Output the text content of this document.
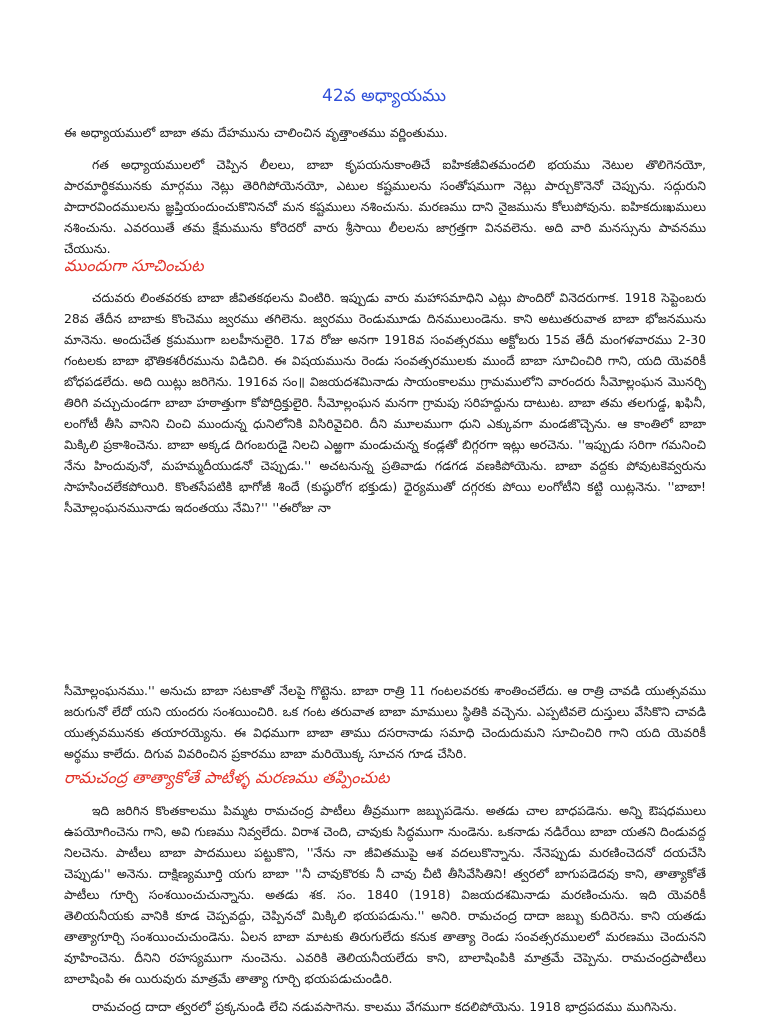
42వ అధ్యాయము

ఈ అధ్యాయములో బాబా తమ దేహమును చాలించిన వృత్తాంతము వర్ణింతుము.

గత అధ్యాయములలో చెప్పిన లీలలు, బాబా కృపయనుకాంతిచే ఐహికజీవితమందలి భయము నెటుల తొలిగెనయో, పారమార్థికమునకు మార్గము నెట్లు తెరిగిపోయెనయో, ఎటుల కష్టములను సంతోషముగా నెట్లు పార్చుకొనెనో చెప్పును. సద్గురుని పాదారవిందములను జ్ఞప్తియందుంచుకొనినచో మన కష్టములు నశించును. మరణము దాని నైజమును కోలుపోవును. ఐహికదుఃఖములు నశించును. ఎవరయితే తమ క్షేమమును కోరెదరో వారు శ్రీసాయి లీలలను జాగ్రత్తగా వినవలెను. అది వారి మనస్సును పావనము చేయును.

ముందుగా సూచించుట

చదువరు లింతవరకు బాబా జీవితకథలను వింటిరి. ఇప్పుడు వారు మహాసమాధిని ఎట్లు పొందిరో వినెదరుగాక. 1918 సెప్టెంబరు 28వ తేదీన బాబాకు కొంచెము జ్వరము తగిలెను. జ్వరము రెండుమూడు దినములుండెను. కాని అటుతరువాత బాబా భోజనమును మానెను. అందుచేత క్రమముగా బలహీనులైరి. 17వ రోజు అనగా 1918వ సంవత్సరము అక్టోబరు 15వ తేదీ మంగళవారము 2-30 గంటలకు బాబా భౌతికశరీరమును విడిచిరి. ఈ విషయమును రెండు సంవత్సరములకు ముందే బాబా సూచించిరి గాని, యది యెవరికీ బోధపడలేదు. అది యిట్లు జరిగెను. 1916వ సం॥ విజయదశమినాడు సాయంకాలము గ్రామములోని వారందరు సీమోల్లంఘన మొనర్చి తిరిగి వచ్చుచుండగా బాబా హఠాత్తుగా కోపోద్రిక్తులైరి. సీమోల్లంఘన మనగా గ్రామపు సరిహద్దును దాటుట. బాబా తమ తలగుడ్డ, ఖఫినీ, లంగోటీ తీసి వానిని చించి ముందున్న ధునిలోనికి విసిరివైచిరి. దీని మూలముగా ధుని ఎక్కువగా మండజొచ్చెను. ఆ కాంతిలో బాబా మిక్కిలి ప్రకాశించెను. బాబా అక్కడ దిగంబరుడై నిలచి ఎఱ్ఱగా మండుచున్న కండ్లతో బిగ్గరగా ఇట్లు అరచెను. ''ఇప్పుడు సరిగా గమనించి నేను హిందువునో, మహమ్మదీయుడనో చెప్పుడు.'' అచటనున్న ప్రతివాడు గడగడ వణకిపోయెను. బాబా వద్దకు పోవుటకెవ్వరును సాహసించలేకపోయిరి. కొంతసేపటికి భాగోజీ శిందే (కుష్ఠురోగ భక్తుడు) ధైర్యముతో దగ్గరకు పోయి లంగోటీని కట్టి యిట్లనెను. ''బాబా! సీమోల్లంఘనమునాడు ఇదంతయు నేమి?'' ''ఈరోజు నా

సీమోల్లంఘనము.'' అనుచు బాబా సటకాతో నేలపై గొట్టెను. బాబా రాత్రి 11 గంటలవరకు శాంతించలేదు. ఆ రాత్రి చావడి యుత్సవము జరుగునో లేదో యని యందరు సంశయించిరి. ఒక గంట తరువాత బాబా మాములు స్థితికి వచ్చెను. ఎప్పటివలె దుస్తులు వేసికొని చావడి యుత్సవమునకు తయారయ్యెను. ఈ విధముగా బాబా తాము దసరానాడు సమాధి చెందుదుమని సూచించిరి గాని యది యెవరికీ అర్థము కాలేదు. దిగువ వివరించిన ప్రకారము బాబా మరియొక్క సూచన గూడ చేసిరి.

రామచంద్ర తాత్యాకోతే పాటీళ్ళ మరణము తప్పించుట

ఇది జరిగిన కొంతకాలము పిమ్మట రామచంద్ర పాటీలు తీవ్రముగా జబ్బుపడెను. అతడు చాల బాధపడెను. అన్ని ఔషధములు ఉపయోగించెను గాని, అవి గుణము నివ్వలేదు. విరాశ చెంది, చావుకు సిద్ధముగా నుండెను. ఒకనాడు నడిరేయి బాబా యతని దిండువద్ద నిలచెను. పాటీలు బాబా పాదములు పట్టుకొని, ''నేను నా జీవితముపై ఆశ వదలుకొన్నాను. నేనెప్పుడు మరణించెదనో దయచేసి చెప్పుడు'' అనెను. దాక్షిణ్యమూర్తి యగు బాబా ''నీ చావుకొరకు నీ చావు చీటి తీసివేసితిని! త్వరలో బాగుపడెదవు కాని, తాత్యాకోతే పాటీలు గూర్చి సంశయించుచున్నాను. అతడు శక. సం. 1840 (1918) విజయదశమినాడు మరణించును. ఇది యెవరికీ తెలియనీయకు వానికి కూడ చెప్పవద్దు, చెప్పినచో మిక్కిలి భయపడును.'' అనిరి. రామచంద్ర దాదా జబ్బు కుదిరెను. కాని యతడు తాత్యాగూర్చి సంశయించుచుండెను. ఏలన బాబా మాటకు తిరుగులేదు కనుక తాత్యా రెండు సంవత్సరములలో మరణము చెందునని వూహించెను. దీనిని రహస్యముగా నుంచెను. ఎవరికి తెలియనీయలేదు కాని, బాలాషింపికి మాత్రమే చెప్పెను. రామచంద్రపాటీలు బాలాషింపి ఈ యిరువురు మాత్రమే తాత్యా గూర్చి భయపడుచుండిరి.

రామచంద్ర దాదా త్వరలో ప్రక్కనుండి లేచి నడువసాగెను. కాలము వేగముగా కదలిపోయెను. 1918 భాద్రపదము ముగిసెను.
